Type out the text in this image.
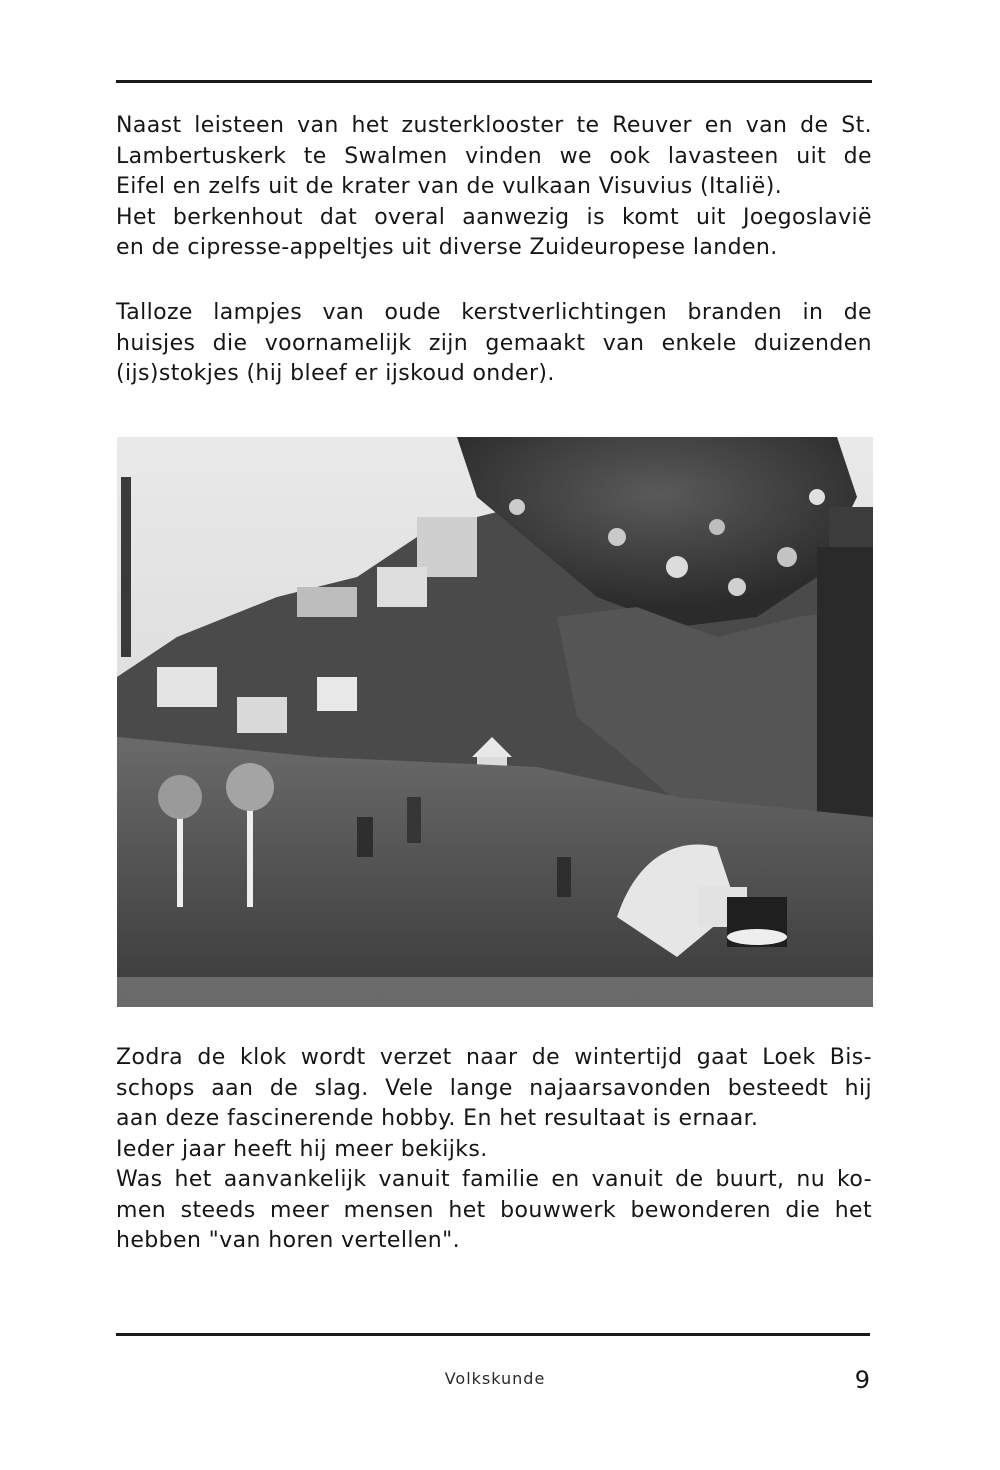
Naast leisteen van het zusterklooster te Reuver en van de St.
Lambertuskerk te Swalmen vinden we ook lavasteen uit de
Eifel en zelfs uit de krater van de vulkaan Visuvius (Italië).
Het berkenhout dat overal aanwezig is komt uit Joegoslavië
en de cipresse-appeltjes uit diverse Zuideuropese landen.

Talloze lampjes van oude kerstverlichtingen branden in de
huisjes die voornamelijk zijn gemaakt van enkele duizenden
(ijs)stokjes (hij bleef er ijskoud onder).

Zodra de klok wordt verzet naar de wintertijd gaat Loek Bis-
schops aan de slag. Vele lange najaarsavonden besteedt hij
aan deze fascinerende hobby. En het resultaat is ernaar.
Ieder jaar heeft hij meer bekijks.
Was het aanvankelijk vanuit familie en vanuit de buurt, nu ko-
men steeds meer mensen het bouwwerk bewonderen die het
hebben "van horen vertellen".

Volkskunde	9
